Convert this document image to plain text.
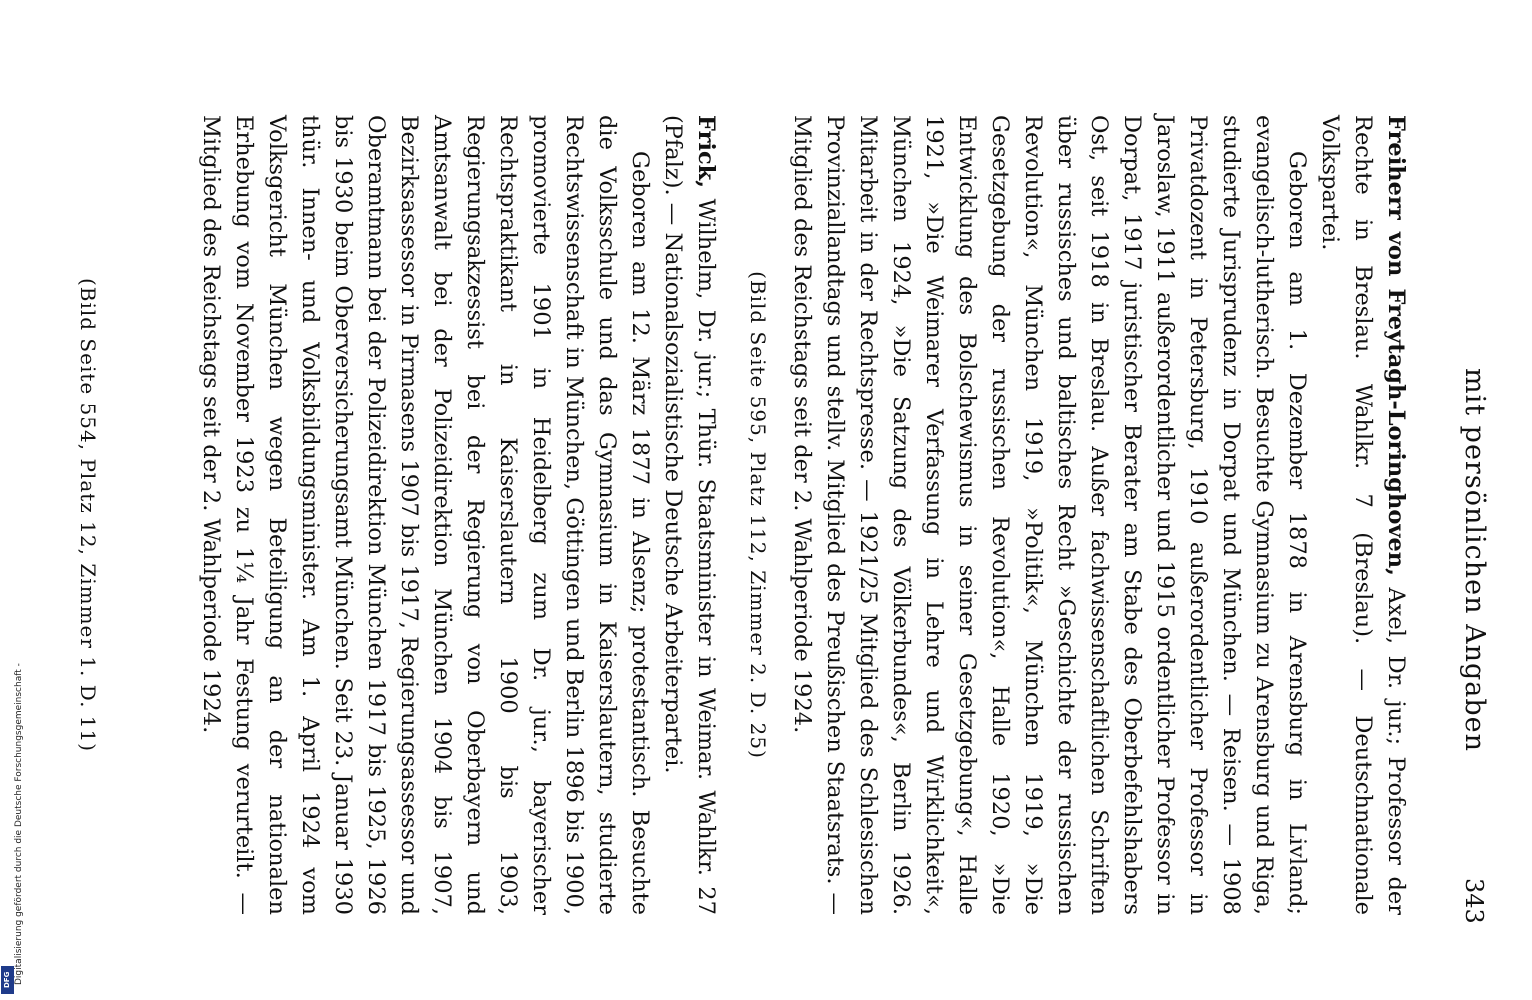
mit persönlichen Angaben
343

Freiherr von Freytagh-Loringhoven, Axel, Dr. jur.; Professor der Rechte in Breslau. Wahlkr. 7 (Breslau). — Deutschnationale Volkspartei.

Geboren am 1. Dezember 1878 in Arensburg in Livland; evangelisch-lutherisch. Besuchte Gymnasium zu Arensburg und Riga, studierte Jurisprudenz in Dorpat und München. — Reisen. — 1908 Privatdozent in Petersburg, 1910 außerordentlicher Professor in Jaroslaw, 1911 außerordentlicher und 1915 ordentlicher Professor in Dorpat, 1917 juristischer Berater am Stabe des Oberbefehlshabers Ost, seit 1918 in Breslau. Außer fachwissenschaftlichen Schriften über russisches und baltisches Recht »Geschichte der russischen Revolution«, München 1919, »Politik«, München 1919, »Die Gesetzgebung der russischen Revolution«, Halle 1920, »Die Entwicklung des Bolschewismus in seiner Gesetzgebung«, Halle 1921, »Die Weimarer Verfassung in Lehre und Wirklichkeit«, München 1924, »Die Satzung des Völkerbundes«, Berlin 1926. Mitarbeit in der Rechtspresse. — 1921/25 Mitglied des Schlesischen Provinziallandtags und stellv. Mitglied des Preußischen Staatsrats. — Mitglied des Reichstags seit der 2. Wahlperiode 1924.

(Bild Seite 595, Platz 112, Zimmer 2. D. 25)

Frick, Wilhelm, Dr. jur.; Thür. Staatsminister in Weimar. Wahlkr. 27 (Pfalz). — Nationalsozialistische Deutsche Arbeiterpartei.

Geboren am 12. März 1877 in Alsenz; protestantisch. Besuchte die Volksschule und das Gymnasium in Kaiserslautern, studierte Rechtswissenschaft in München, Göttingen und Berlin 1896 bis 1900, promovierte 1901 in Heidelberg zum Dr. jur., bayerischer Rechtspraktikant in Kaiserslautern 1900 bis 1903, Regierungsakzessist bei der Regierung von Oberbayern und Amtsanwalt bei der Polizeidirektion München 1904 bis 1907, Bezirksassessor in Pirmasens 1907 bis 1917, Regierungsassessor und Oberamtmann bei der Polizeidirektion München 1917 bis 1925, 1926 bis 1930 beim Oberversicherungsamt München. Seit 23. Januar 1930 thür. Innen- und Volksbildungsminister. Am 1. April 1924 vom Volksgericht München wegen Beteiligung an der nationalen Erhebung vom November 1923 zu 1¼ Jahr Festung verurteilt. — Mitglied des Reichstags seit der 2. Wahlperiode 1924.

(Bild Seite 554, Platz 12, Zimmer 1. D. 11)
Digitalisierung gefördert durch die Deutsche Forschungsgemeinschaft -
DFG
